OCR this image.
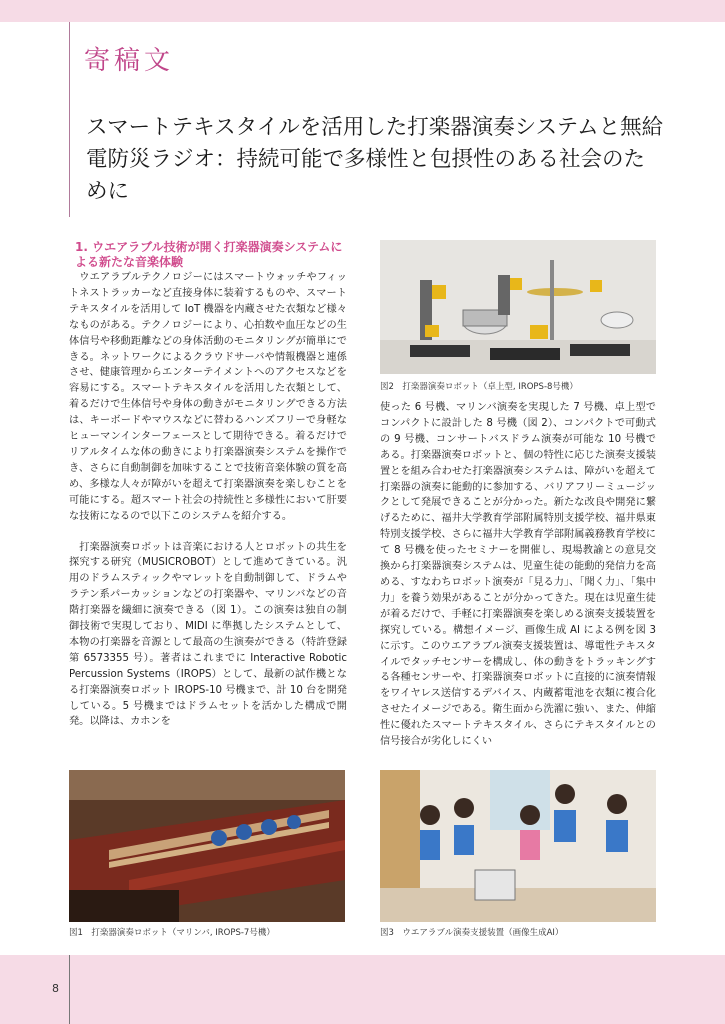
寄稿文
スマートテキスタイルを活用した打楽器演奏システムと無給電防災ラジオ：持続可能で多様性と包摂性のある社会のために
1. ウエアラブル技術が開く打楽器演奏システムによる新たな音楽体験

ウエアラブルテクノロジーにはスマートウォッチやフィットネストラッカーなど直接身体に装着するものや、スマートテキスタイルを活用して IoT 機器を内蔵させた衣類など様々なものがある。テクノロジーにより、心拍数や血圧などの生体信号や移動距離などの身体活動のモニタリングが簡単にできる。ネットワークによるクラウドサーバや情報機器と連係させ、健康管理からエンターテイメントへのアクセスなどを容易にする。スマートテキスタイルを活用した衣類として、着るだけで生体信号や身体の動きがモニタリングできる方法は、キーボードやマウスなどに替わるハンズフリーで身軽なヒューマンインターフェースとして期待できる。着るだけでリアルタイムな体の動きにより打楽器演奏システムを操作でき、さらに自動制御を加味することで技術音楽体験の質を高め、多様な人々が障がいを超えて打楽器演奏を楽しむことを可能にする。超スマート社会の持続性と多様性において肝要な技術になるので以下このシステムを紹介する。

打楽器演奏ロボットは音楽における人とロボットの共生を探究する研究（MUSICROBOT）として進めてきている。汎用のドラムスティックやマレットを自動制御して、ドラムやラテン系パーカッションなどの打楽器や、マリンバなどの音階打楽器を繊細に演奏できる（図 1）。この演奏は独自の制御技術で実現しており、MIDI に準拠したシステムとして、本物の打楽器を音源として最高の生演奏ができる（特許登録第 6573355 号）。著者はこれまでに Interactive Robotic Percussion Systems（IROPS）として、最新の試作機となる打楽器演奏ロボット IROPS-10 号機まで、計 10 台を開発している。5 号機まではドラムセットを活かした構成で開発。以降は、カホンを

使った 6 号機、マリンバ演奏を実現した 7 号機、卓上型でコンパクトに設計した 8 号機（図 2）、コンパクトで可動式の 9 号機、コンサートバスドラム演奏が可能な 10 号機である。打楽器演奏ロボットと、個の特性に応じた演奏支援装置とを組み合わせた打楽器演奏システムは、障がいを超えて打楽器の演奏に能動的に参加する、バリアフリーミュージックとして発展できることが分かった。新たな改良や開発に繋げるために、福井大学教育学部附属特別支援学校、福井県東特別支援学校、さらに福井大学教育学部附属義務教育学校にて 8 号機を使ったセミナーを開催し、現場教諭との意見交換から打楽器演奏システムは、児童生徒の能動的発信力を高める、すなわちロボット演奏が「見る力」、「聞く力」、「集中力」を養う効果があることが分かってきた。現在は児童生徒が着るだけで、手軽に打楽器演奏を楽しめる演奏支援装置を探究している。構想イメージ、画像生成 AI による例を図 3 に示す。このウエアラブル演奏支援装置は、導電性テキスタイルでタッチセンサーを構成し、体の動きをトラッキングする各種センサーや、打楽器演奏ロボットに直接的に演奏情報をワイヤレス送信するデバイス、内蔵蓄電池を衣類に複合化させたイメージである。衛生面から洗濯に強い、また、伸縮性に優れたスマートテキスタイル、さらにテキスタイルとの信号接合が劣化しにくい

図2　打楽器演奏ロボット（卓上型, IROPS-8号機）
図1　打楽器演奏ロボット（マリンバ, IROPS-7号機）	図3　ウエアラブル演奏支援装置（画像生成AI）
8
